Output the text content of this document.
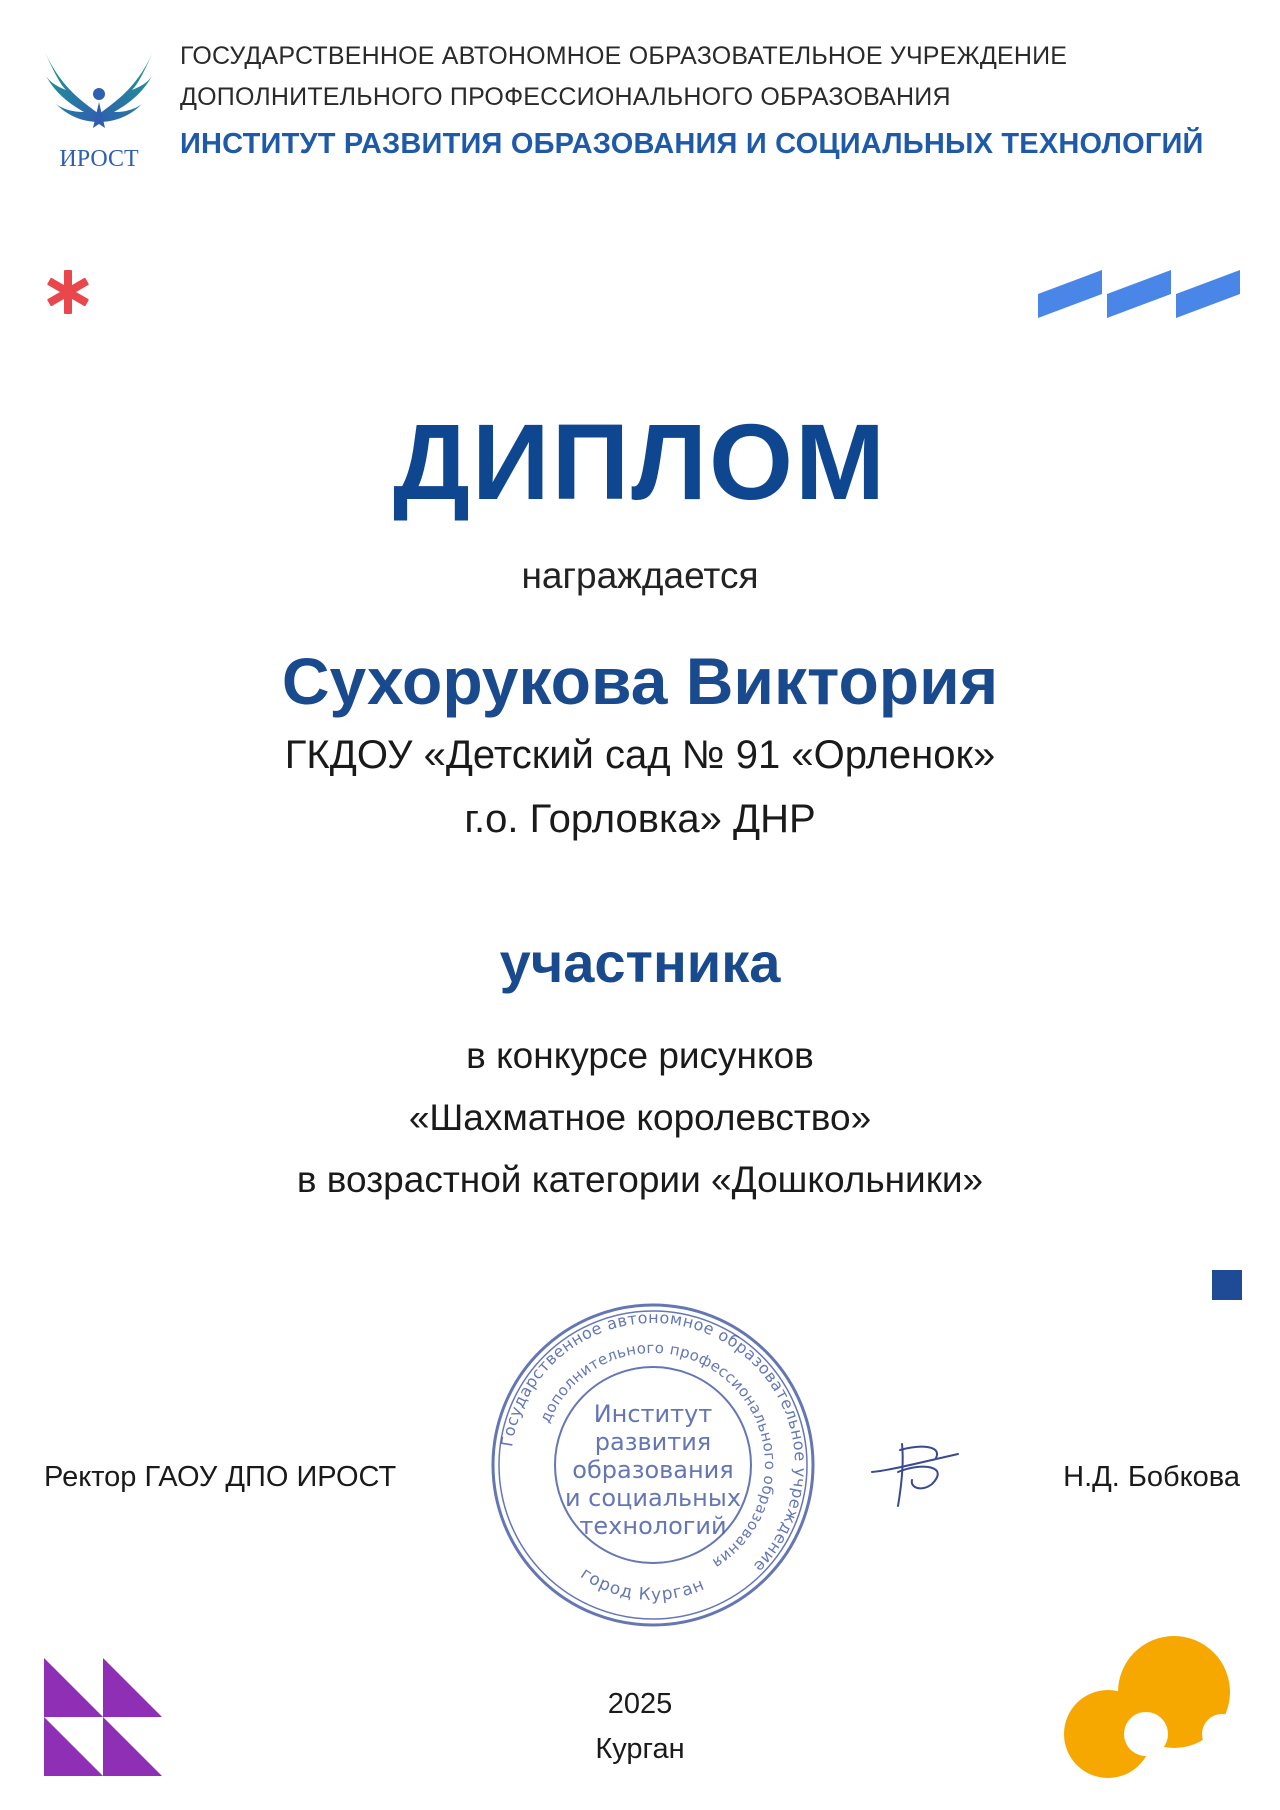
ИРОСТ
ГОСУДАРСТВЕННОЕ АВТОНОМНОЕ ОБРАЗОВАТЕЛЬНОЕ УЧРЕЖДЕНИЕ
ДОПОЛНИТЕЛЬНОГО ПРОФЕССИОНАЛЬНОГО ОБРАЗОВАНИЯ
ИНСТИТУТ РАЗВИТИЯ ОБРАЗОВАНИЯ И СОЦИАЛЬНЫХ ТЕХНОЛОГИЙ
ДИПЛОМ
награждается
Сухорукова Виктория
ГКДОУ «Детский сад № 91 «Орленок»
г.о. Горловка» ДНР
участника
в конкурсе рисунков
«Шахматное королевство»
в возрастной категории «Дошкольники»
Ректор ГАОУ ДПО ИРОСТ
Государственное автономное образовательное учреждение
дополнительного профессионального образования
город Курган
Институт
развития
образования
и социальных
технологий
Н.Д. Бобкова
2025
Курган
